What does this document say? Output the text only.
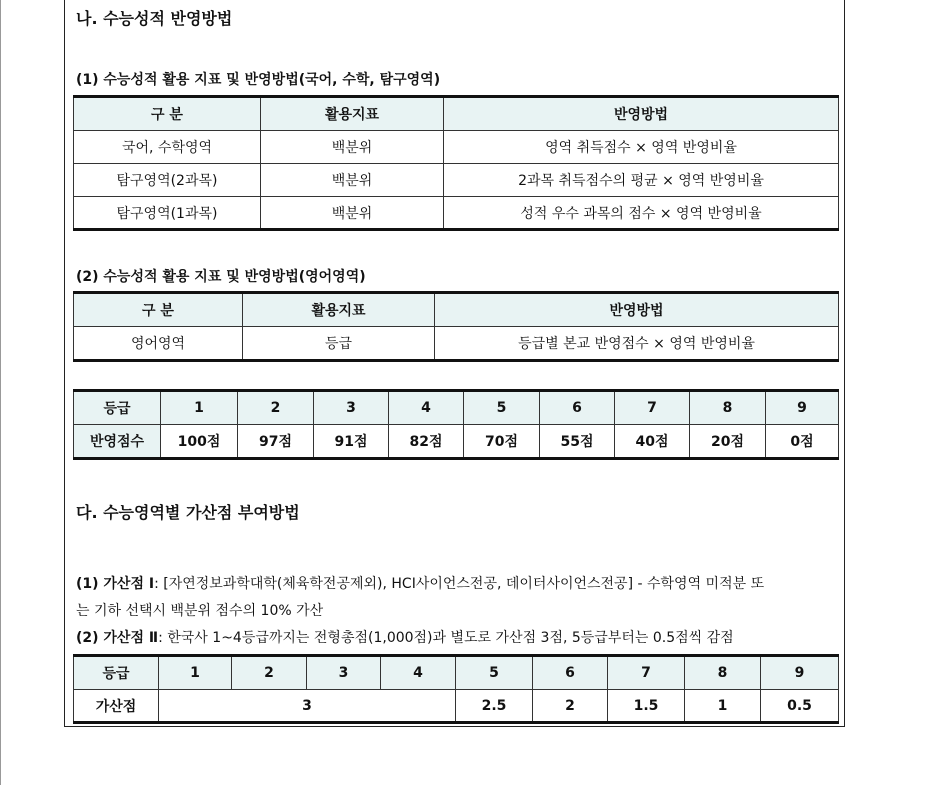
나. 수능성적 반영방법
(1) 수능성적 활용 지표 및 반영방법(국어, 수학, 탐구영역)
구 분	활용지표	반영방법
국어, 수학영역	백분위	영역 취득점수 × 영역 반영비율
탐구영역(2과목)	백분위	2과목 취득점수의 평균 × 영역 반영비율
탐구영역(1과목)	백분위	성적 우수 과목의 점수 × 영역 반영비율
(2) 수능성적 활용 지표 및 반영방법(영어영역)
구 분	활용지표	반영방법
영어영역	등급	등급별 본교 반영점수 × 영역 반영비율
등급	1	2	3	4	5	6	7	8	9
반영점수	100점	97점	91점	82점	70점	55점	40점	20점	0점
다. 수능영역별 가산점 부여방법
(1) 가산점 Ⅰ: [자연정보과학대학(체육학전공제외), HCI사이언스전공, 데이터사이언스전공] - 수학영역 미적분 또
는 기하 선택시 백분위 점수의 10% 가산
(2) 가산점 Ⅱ: 한국사 1~4등급까지는 전형총점(1,000점)과 별도로 가산점 3점, 5등급부터는 0.5점씩 감점
등급	1	2	3	4	5	6	7	8	9
가산점	3				2.5	2	1.5	1	0.5
